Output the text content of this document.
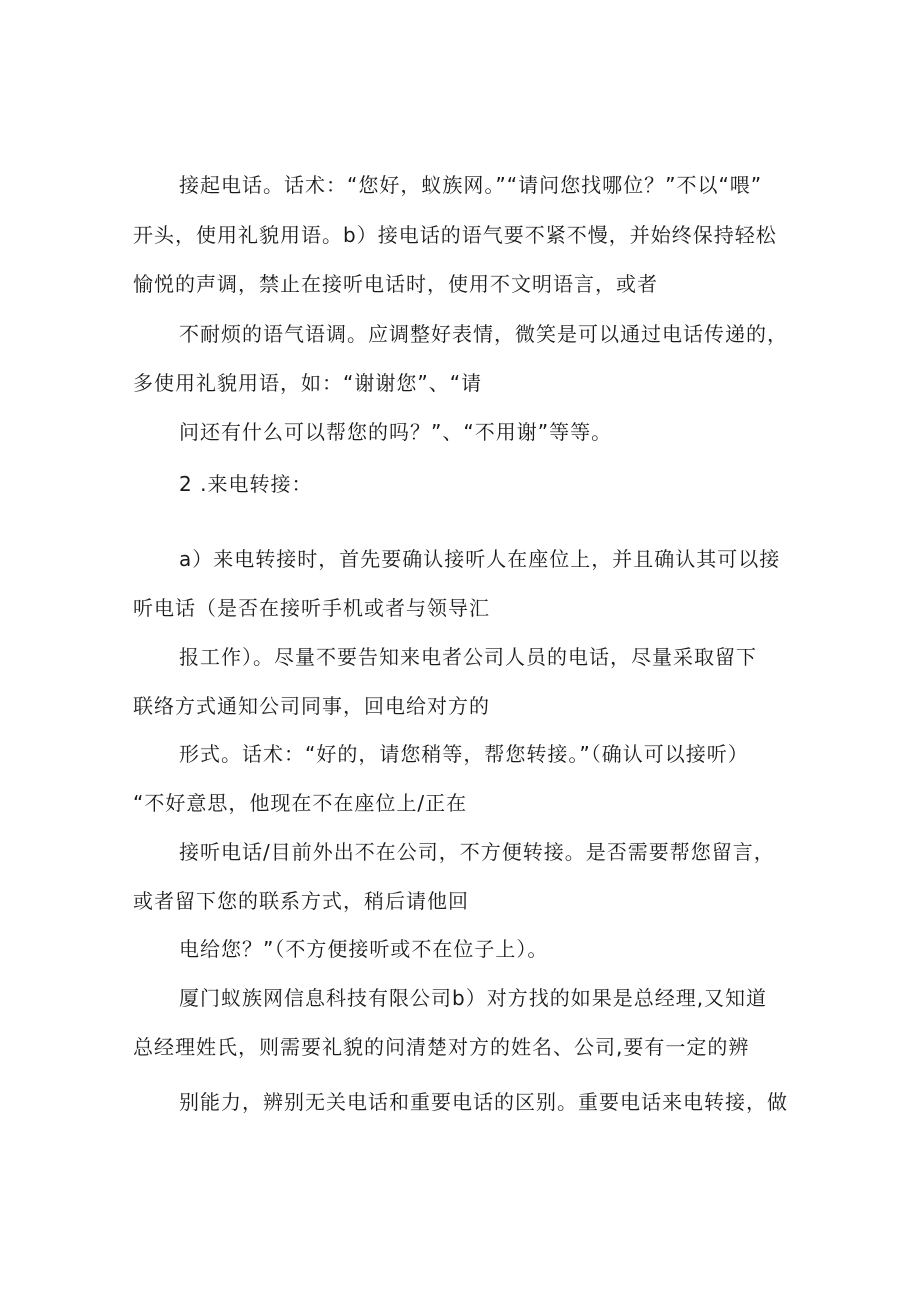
接起电话。话术：“您好，蚁族网。”“请问您找哪位？”不以“喂”
开头，使用礼貌用语。b）接电话的语气要不紧不慢，并始终保持轻松
愉悦的声调，禁止在接听电话时，使用不文明语言，或者
不耐烦的语气语调。应调整好表情，微笑是可以通过电话传递的，
多使用礼貌用语，如：“谢谢您”、“请
问还有什么可以帮您的吗？”、“不用谢”等等。
2 .来电转接：
a）来电转接时，首先要确认接听人在座位上，并且确认其可以接
听电话（是否在接听手机或者与领导汇
报工作）。尽量不要告知来电者公司人员的电话，尽量采取留下
联络方式通知公司同事，回电给对方的
形式。话术：“好的，请您稍等，帮您转接。”（确认可以接听）
“不好意思，他现在不在座位上/正在
接听电话/目前外出不在公司，不方便转接。是否需要帮您留言，
或者留下您的联系方式，稍后请他回
电给您？”（不方便接听或不在位子上）。
厦门蚁族网信息科技有限公司b）对方找的如果是总经理,又知道
总经理姓氏，则需要礼貌的问清楚对方的姓名、公司,要有一定的辨
别能力，辨别无关电话和重要电话的区别。重要电话来电转接，做
